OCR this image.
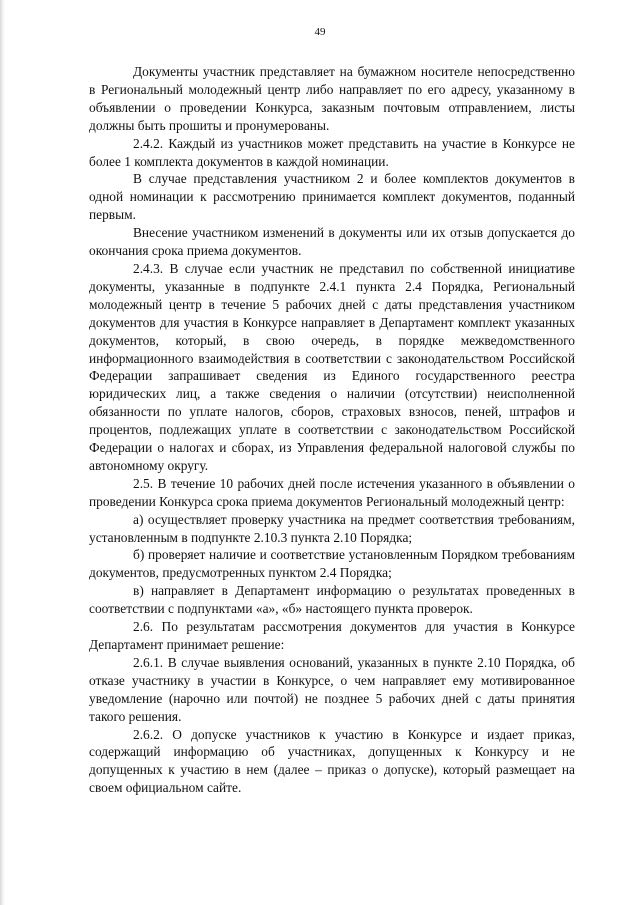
49

Документы участник представляет на бумажном носителе непосредственно в Региональный молодежный центр либо направляет по его адресу, указанному в объявлении о проведении Конкурса, заказным почтовым отправлением, листы должны быть прошиты и пронумерованы.

2.4.2. Каждый из участников может представить на участие в Конкурсе не более 1 комплекта документов в каждой номинации.

В случае представления участником 2 и более комплектов документов в одной номинации к рассмотрению принимается комплект документов, поданный первым.

Внесение участником изменений в документы или их отзыв допускается до окончания срока приема документов.

2.4.3. В случае если участник не представил по собственной инициативе документы, указанные в подпункте 2.4.1 пункта 2.4 Порядка, Региональный молодежный центр в течение 5 рабочих дней с даты представления участником документов для участия в Конкурсе направляет в Департамент комплект указанных документов, который, в свою очередь, в порядке межведомственного информационного взаимодействия в соответствии с законодательством Российской Федерации запрашивает сведения из Единого государственного реестра юридических лиц, а также сведения о наличии (отсутствии) неисполненной обязанности по уплате налогов, сборов, страховых взносов, пеней, штрафов и процентов, подлежащих уплате в соответствии с законодательством Российской Федерации о налогах и сборах, из Управления федеральной налоговой службы по автономному округу.

2.5. В течение 10 рабочих дней после истечения указанного в объявлении о проведении Конкурса срока приема документов Региональный молодежный центр:

а) осуществляет проверку участника на предмет соответствия требованиям, установленным в подпункте 2.10.3 пункта 2.10 Порядка;

б) проверяет наличие и соответствие установленным Порядком требованиям документов, предусмотренных пунктом 2.4 Порядка;

в) направляет в Департамент информацию о результатах проведенных в соответствии с подпунктами «а», «б» настоящего пункта проверок.

2.6. По результатам рассмотрения документов для участия в Конкурсе Департамент принимает решение:

2.6.1. В случае выявления оснований, указанных в пункте 2.10 Порядка, об отказе участнику в участии в Конкурсе, о чем направляет ему мотивированное уведомление (нарочно или почтой) не позднее 5 рабочих дней с даты принятия такого решения.

2.6.2. О допуске участников к участию в Конкурсе и издает приказ, содержащий информацию об участниках, допущенных к Конкурсу и не допущенных к участию в нем (далее – приказ о допуске), который размещает на своем официальном сайте.
